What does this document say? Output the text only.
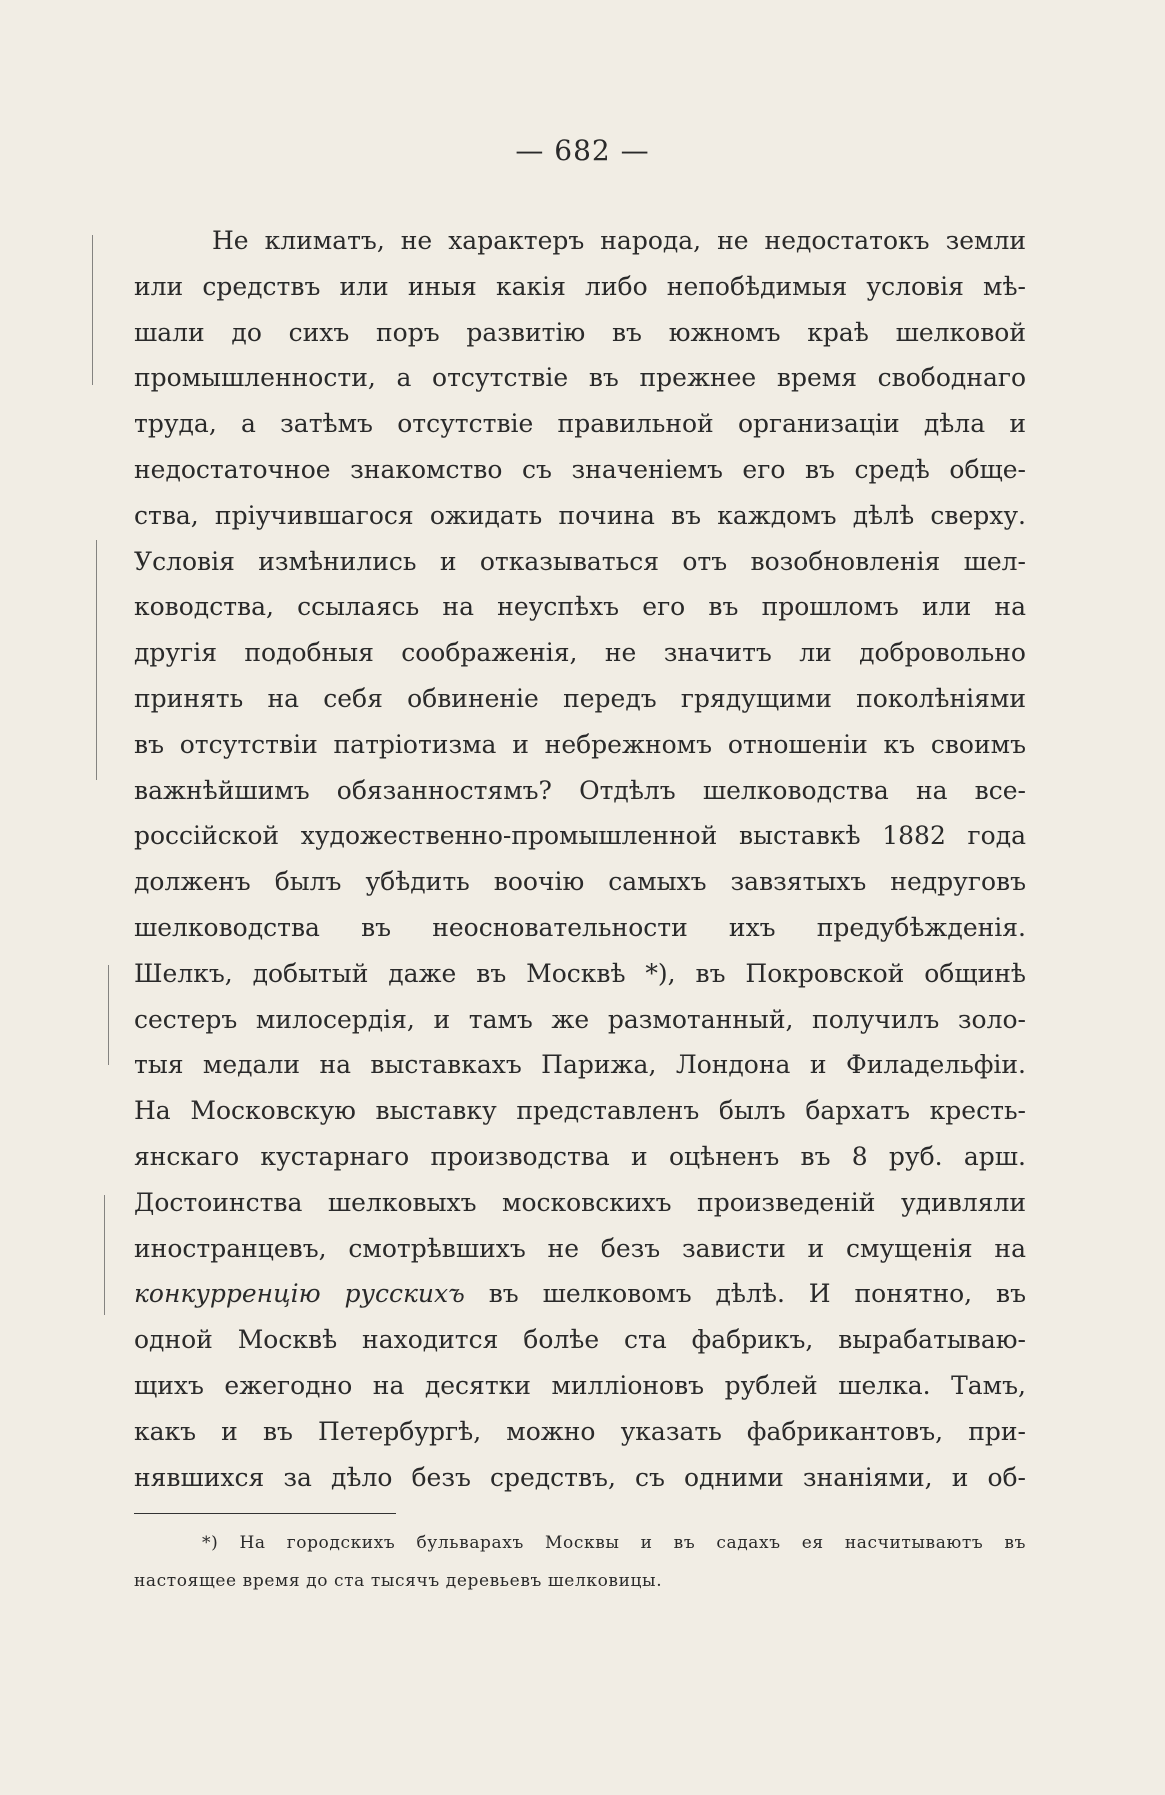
— 682 —
Не климатъ, не характеръ народа, не недостатокъ земли
или средствъ или иныя какія либо непобѣдимыя условія мѣ-
шали до сихъ поръ развитію въ южномъ краѣ шелковой
промышленности, а отсутствіе въ прежнее время свободнаго
труда, а затѣмъ отсутствіе правильной организаціи дѣла и
недостаточное знакомство съ значеніемъ его въ средѣ обще-
ства, пріучившагося ожидать почина въ каждомъ дѣлѣ сверху.
Условія измѣнились и отказываться отъ возобновленія шел-
ководства, ссылаясь на неуспѣхъ его въ прошломъ или на
другія подобныя соображенія, не значитъ ли добровольно
принять на себя обвиненіе передъ грядущими поколѣніями
въ отсутствіи патріотизма и небрежномъ отношеніи къ своимъ
важнѣйшимъ обязанностямъ? Отдѣлъ шелководства на все-
россійской художественно-промышленной выставкѣ 1882 года
долженъ былъ убѣдить воочію самыхъ завзятыхъ недруговъ
шелководства въ неосновательности ихъ предубѣжденія.
Шелкъ, добытый даже въ Москвѣ *), въ Покровской общинѣ
сестеръ милосердія, и тамъ же размотанный, получилъ золо-
тыя медали на выставкахъ Парижа, Лондона и Филадельфіи.
На Московскую выставку представленъ былъ бархатъ кресть-
янскаго кустарнаго производства и оцѣненъ въ 8 руб. арш.
Достоинства шелковыхъ московскихъ произведеній удивляли
иностранцевъ, смотрѣвшихъ не безъ зависти и смущенія на
конкурренцію русскихъ въ шелковомъ дѣлѣ. И понятно, въ
одной Москвѣ находится болѣе ста фабрикъ, вырабатываю-
щихъ ежегодно на десятки милліоновъ рублей шелка. Тамъ,
какъ и въ Петербургѣ, можно указать фабрикантовъ, при-
нявшихся за дѣло безъ средствъ, съ одними знаніями, и об-
*) На городскихъ бульварахъ Москвы и въ садахъ ея насчитываютъ въ
настоящее время до ста тысячъ деревьевъ шелковицы.
